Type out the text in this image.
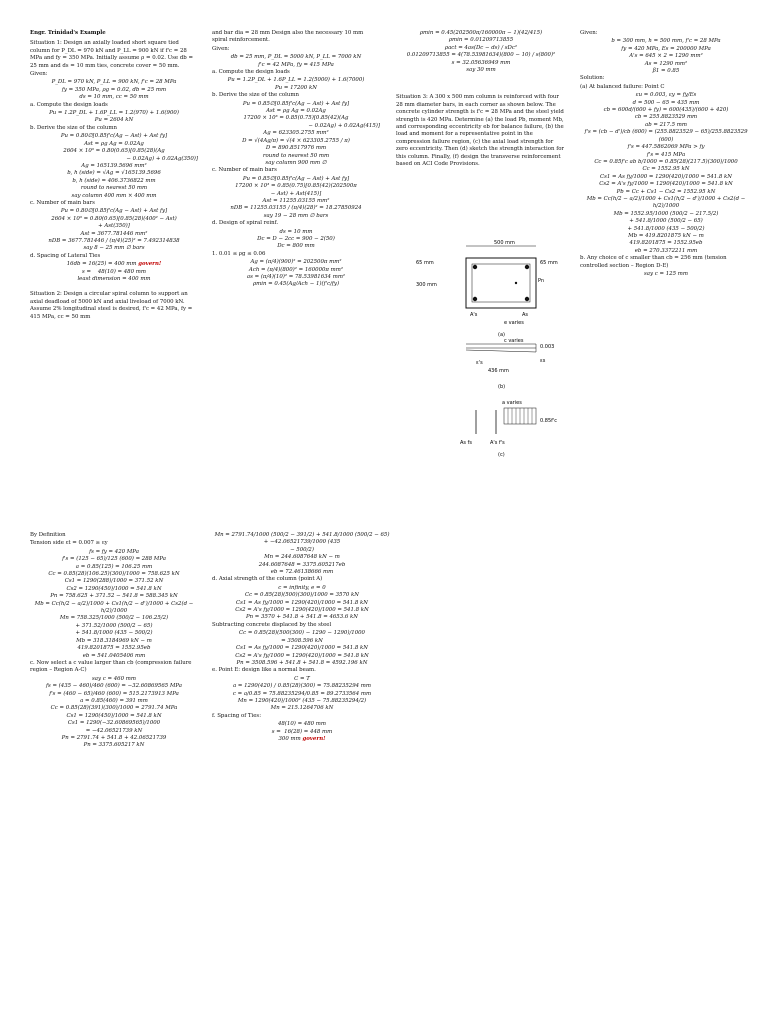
Engr. Trinidad's Example
Situation 1: Design an axially loaded short square tied column for P_DL = 970 kN and P_LL = 900 kN if f'c = 28 MPa and fy = 350 MPa. Initially assume ρ = 0.02. Use db = 25 mm and ds = 10 mm ties, concrete cover = 50 mm.
Given:
P_DL = 970 kN, P_LL = 900 kN, f'c = 28 MPa
fy = 350 MPa, ρg = 0.02, db = 25 mm
ds = 10 mm, cc = 50 mm
a. Compute the design loads
Pu = 1.2P_DL + 1.6P_LL = 1.2(970) + 1.6(900)
Pu = 2604 kN
b. Derive the size of the column
Pu = 0.80∅[0.85f'c(Ag − Ast) + Ast fy]
Ast = ρg Ag = 0.02Ag
2604 × 10³ = 0.80(0.65)[0.85(28)(Ag
− 0.02Ag) + 0.02Ag(350)]
Ag = 165139.5696 mm²
b, h (side) = √Ag = √165139.5696
b, h (side) = 406.3736822 mm
round to nearest 50 mm
say column 400 mm × 400 mm
c. Number of main bars
Pu = 0.80∅[0.85f'c(Ag − Ast) + Ast fy]
2604 × 10³ = 0.80(0.65)[0.85(28)(400² − Ast)
+ Ast(350)]
Ast = 3677.781446 mm²
nDB = 3677.781446 / (π/4)(25)² = 7.492314838
say 8 − 25 mm ∅ bars
d. Spacing of Lateral Ties
16db = 16(25) = 400 mm govern!
s =    48(10) = 480 mm
least dimension = 400 mm
Situation 2: Design a circular spiral column to support an axial deadload of 5000 kN and axial liveload of 7000 kN. Assume 2% longitudinal steel is desired, f'c = 42 MPa, fy = 415 MPa, cc = 50 mm
and bar dia = 28 mm Design also the necessary 10 mm spiral reinforcement.
Given:
db = 25 mm, P_DL = 5000 kN, P_LL = 7000 kN
f'c = 42 MPa, fy = 415 MPa
a. Compute the design loads
Pu = 1.2P_DL + 1.6P_LL = 1.2(5000) + 1.6(7000)
Pu = 17200 kN
b. Derive the size of the column
Pu = 0.85∅[0.85f'c(Ag − Ast) + Ast fy]
Ast = ρg Ag = 0.02Ag
17200 × 10³ = 0.85(0.75)[0.85(42)(Ag
− 0.02Ag) + 0.02Ag(415)]
Ag = 623305.2755 mm²
D = √(4Ag/π) = √(4 × 623305.2755 / π)
D = 890.8517976 mm
round to nearest 50 mm
say column 900 mm ∅
c. Number of main bars
Pu = 0.85∅[0.85f'c(Ag − Ast) + Ast fy]
17200 × 10³ = 0.85(0.75)[0.85(42)(202500π
− Ast) + Ast(415)]
Ast = 11255.03155 mm²
nDB = 11255.03155 / (π/4)(28)² = 18.27850924
say 19 − 28 mm ∅ bars
d. Design of spiral reinf.
ds = 10 mm
Dc = D − 2cc = 900 − 2(50)
Dc = 800 mm
1. 0.01 ≤ ρg ≤ 0.06
Ag = (π/4)(900)² = 202500π mm²
Ach = (π/4)(800)² = 160000π mm²
as = (π/4)(10)² = 78.53981634 mm²
ρmin = 0.45(Ag/Ach − 1)(f'c/fy)
ρmin = 0.45(202500π/160000π − 1)(42/415)
ρmin = 0.01209713855
ρact = 4as(Dc − ds) / sDc²
0.01209713855 = 4(78.53981634)(800 − 10) / s(800)²
s = 32.05636949 mm
say 30 mm
Situation 3: A 300 x 500 mm column is reinforced with four 28 mm diameter bars, in each corner as shown below. The concrete cylinder strength is f'c = 28 MPa and the steel yield strength is 420 MPa. Determine (a) the load Pb, moment Mb, and corresponding eccentricity eb for balance failure, (b) the load and moment for a representative point in the compression failure region, (c) the axial load strength for zero eccentricity. Then (d) sketch the strength interaction for this column. Finally, (f) design the transverse reinforcement based on ACI Code Provisions.
500 mm
65 mm	65 mm
300 mm
Pn
A's	As
e varies
(a)
c varies
0.003
ε's	εs
436 mm
(b)
a varies
0.85f'c
As fs	A's f's
(c)
Given:
b = 300 mm, h = 500 mm, f'c = 28 MPa
fy = 420 MPa, Es = 200000 MPa
A's = 645 × 2 = 1290 mm²
As = 1290 mm²
β1 = 0.85
Solution:
(a) At balanced failure: Point C
εu = 0.003, εy = fy/Es
d = 500 − 65 = 435 mm
cb = 600d/(600 + fy) = 600(435)/(600 + 420)
cb = 255.8823529 mm
ab = 217.5 mm
f's = (cb − d')/cb (600) = (255.8823529 − 65)/255.8823529 (600)
f's = 447.5862069 MPa > fy
f's = 415 MPa
Cc = 0.85f'c ab b/1000 = 0.85(28)(217.5)(300)/1000
Cc = 1552.95 kN
Cs1 = As fy/1000 = 1290(420)/1000 = 541.8 kN
Cs2 = A's fy/1000 = 1290(420)/1000 = 541.8 kN
Pb = Cc + Cs1 − Cs2 = 1552.95 kN
Mb = Cc(h/2 − a/2)/1000 + Cs1(h/2 − d')/1000 + Cs2(d − h/2)/1000
Mb = 1552.95/1000 (500/2 − 217.5/2)
+ 541.8/1000 (500/2 − 65)
+ 541.8/1000 (435 − 500/2)
Mb = 419.8201875 kN − m
419.8201875 = 1552.95eb
eb = 270.3372211 mm
b. Any choice of c smaller than cb = 256 mm (tension controlled section – Region D-E)
say c = 125 mm
By Definition
Tension side εt = 0.007 ≥ εy
fs = fy = 420 MPa
f's = (125 − 65)/125 (600) = 288 MPa
a = 0.85(125) = 106.25 mm
Cc = 0.85(28)(106.25)(300)/1000 = 758.625 kN
Cs1 = 1290(288)/1000 = 371.52 kN
Cs2 = 1290(450)/1000 = 541.8 kN
Pn = 758.625 + 371.52 − 541.8 = 588.345 kN
Mb = Cc(h/2 − a/2)/1000 + Cs1(h/2 − d')/1000 + Cs2(d − h/2)/1000
Mn = 758.325/1000 (500/2 − 106.25/2)
+ 371.52/1000 (500/2 − 65)
+ 541.8/1000 (435 − 500/2)
Mb = 318.3184969 kN − m
419.8201875 = 1552.95eb
eb = 541.0405406 mm
c. Now select a c value larger than cb (compression failure region – Region A-C)
say c = 460 mm
fs = (435 − 460)/460 (600) = −32.60869565 MPa
f's = (460 − 65)/460 (600) = 515.2173913 MPa
a = 0.85(460) = 391 mm
Cc = 0.85(28)(391)(300)/1000 = 2791.74 MPa
Cs1 = 1290(450)/1000 = 541.8 kN
Cs1 = 1290(−32.60869565)/1000
= −42.06521739 kN
Pn = 2791.74 + 541.8 + 42.06521739
Pn = 3375.605217 kN
Mn = 2791.74/1000 (500/2 − 391/2) + 541.8/1000 (500/2 − 65)
+ −42.06521739/1000 (435
− 500/2)
Mn = 244.6087648 kN − m
244.6087648 = 3375.605217eb
eb = 72.46138666 mm
d. Axial strength of the column (point A)
c = infinity, e = 0
Cc = 0.85(28)(500)(300)/1000 = 3570 kN
Cs1 = As fy/1000 = 1290(420)/1000 = 541.8 kN
Cs2 = A's fy/1000 = 1290(420)/1000 = 541.8 kN
Pn = 3570 + 541.8 + 541.8 = 4653.6 kN
Subtracting concrete displaced by the steel
Cc = 0.85(28)(500(300) − 1290 − 1290)/1000
= 3508.596 kN
Cs1 = As fy/1000 = 1290(420)/1000 = 541.8 kN
Cs2 = A's fy/1000 = 1290(420)/1000 = 541.8 kN
Pn = 3508.596 + 541.8 + 541.8 = 4592.196 kN
e. Point E: design like a normal beam.
C = T
a = 1290(420) / 0.85(28)(300) = 75.88235294 mm
c = a/0.85 = 75.88235294/0.85 = 89.2733564 mm
Mn = 1290(420)/1000² (435 − 75.88235294/2)
Mn = 215.1264706 kN
f. Spacing of Ties:
48(10) = 480 mm
s =  16(28) = 448 mm
300 mm govern!
